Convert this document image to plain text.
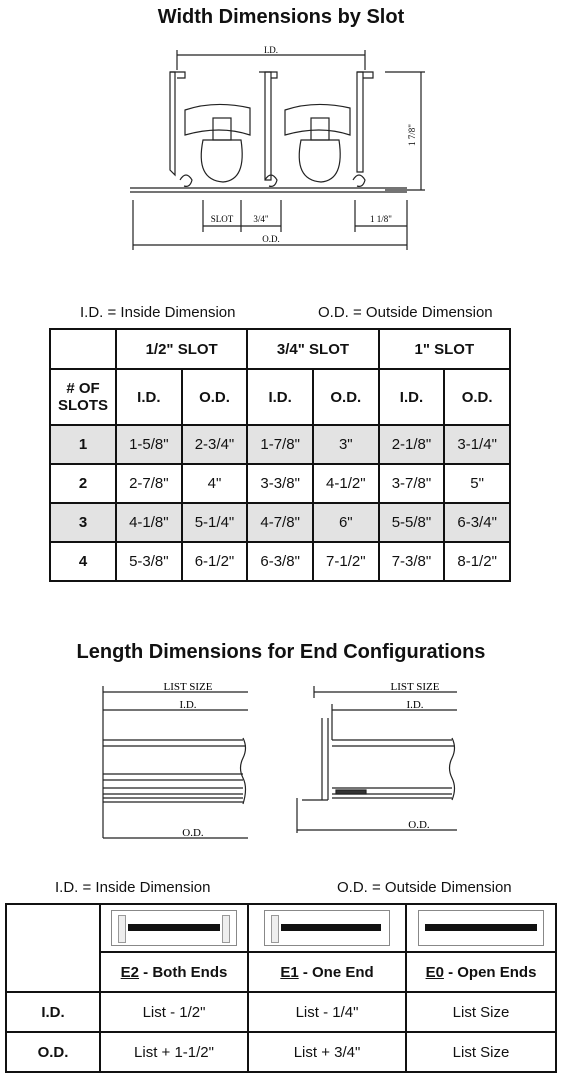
Width Dimensions by Slot
I.D.
1 7/8"
SLOT 3/4"	1 1/8"
O.D.
I.D. = Inside Dimension	O.D. = Outside Dimension
	1/2" SLOT		3/4" SLOT		1" SLOT	
# OF SLOTS	I.D.	O.D.	I.D.	O.D.	I.D.	O.D.
1	1-5/8"	2-3/4"	1-7/8"	3"	2-1/8"	3-1/4"
2	2-7/8"	4"	3-3/8"	4-1/2"	3-7/8"	5"
3	4-1/8"	5-1/4"	4-7/8"	6"	5-5/8"	6-3/4"
4	5-3/8"	6-1/2"	6-3/8"	7-1/2"	7-3/8"	8-1/2"
Length Dimensions for End Configurations
LIST SIZE
I.D.
O.D.
LIST SIZE
I.D.
O.D.
I.D. = Inside Dimension	O.D. = Outside Dimension

	E2 - Both Ends	E1 - One End	E0 - Open Ends
I.D.	List - 1/2"	List - 1/4"	List Size
O.D.	List + 1-1/2"	List + 3/4"	List Size
